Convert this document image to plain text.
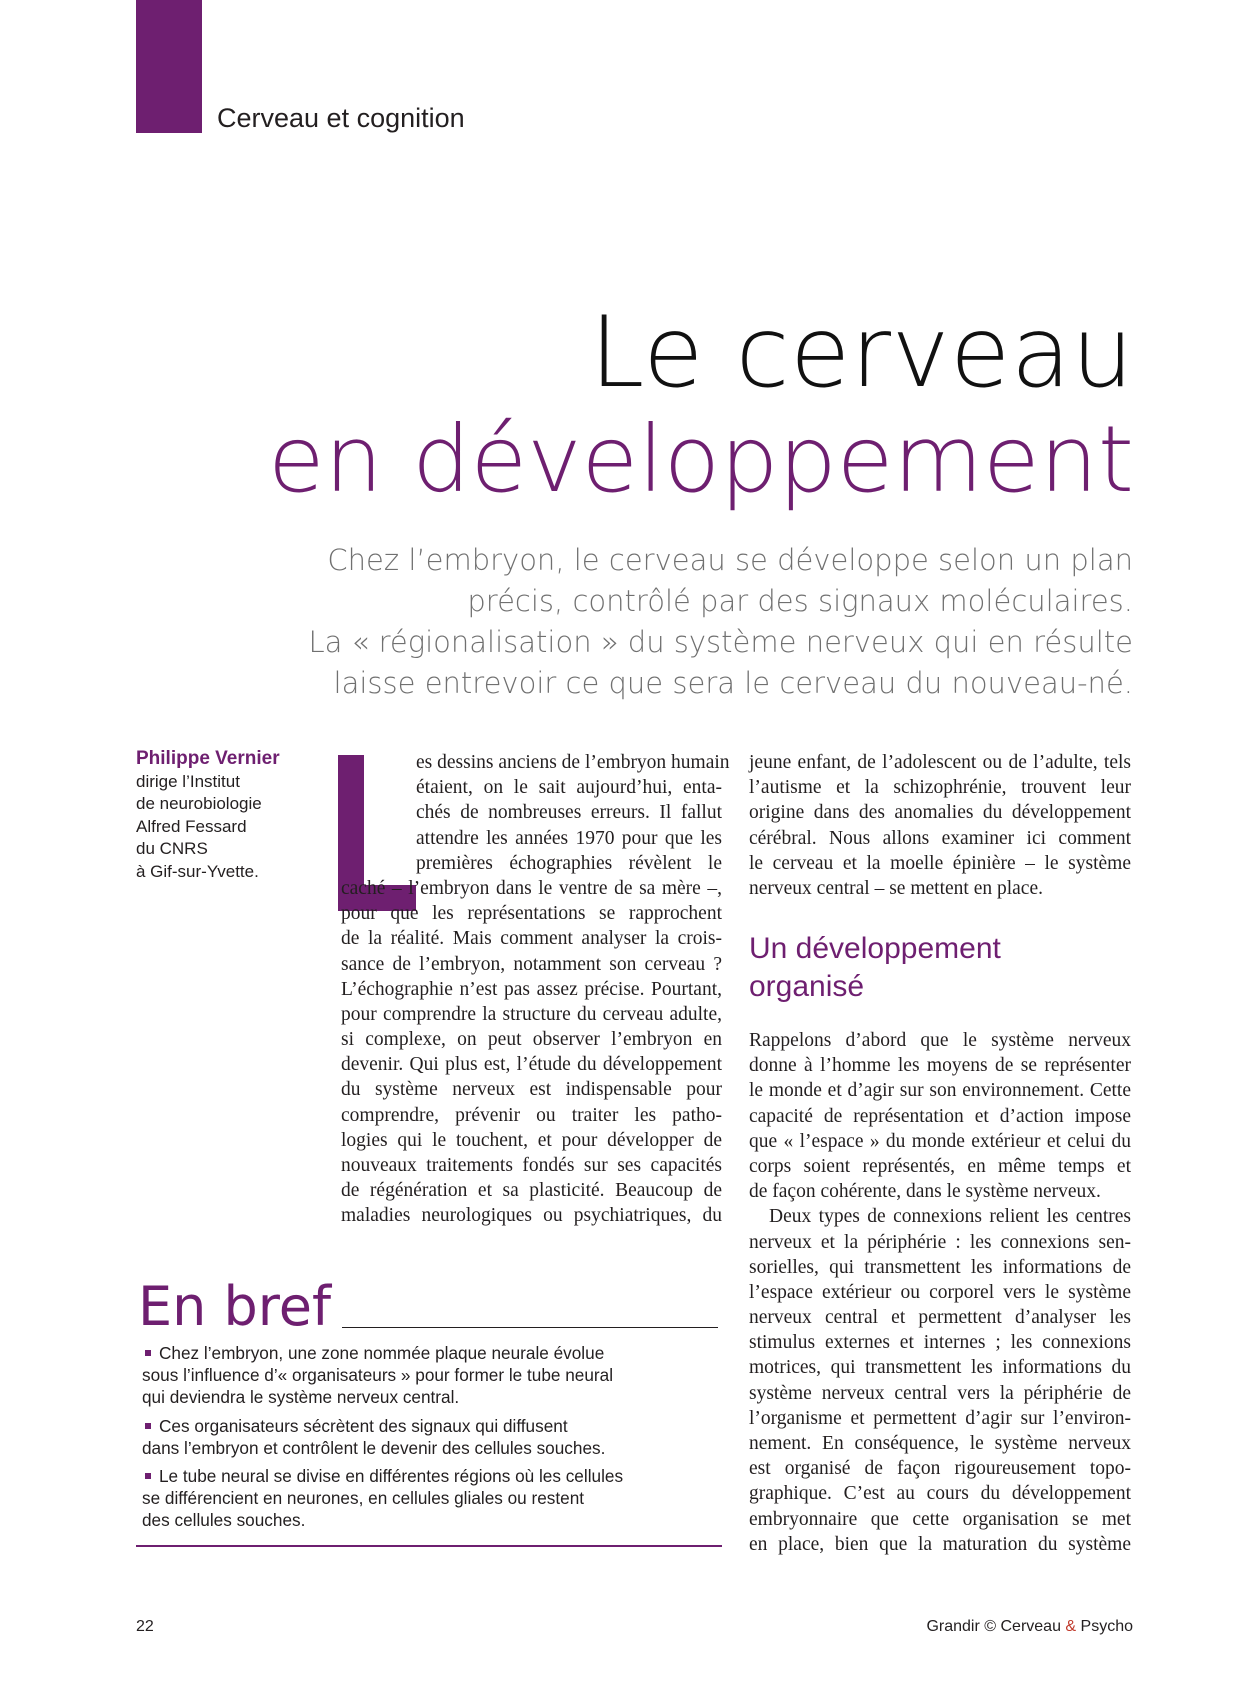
Cerveau et cognition
Le cerveau
en développement
Chez l’embryon, le cerveau se développe selon un plan
précis, contrôlé par des signaux moléculaires.
La « régionalisation » du système nerveux qui en résulte
laisse entrevoir ce que sera le cerveau du nouveau-né.
Philippe Vernier
dirige l’Institut
de neurobiologie
Alfred Fessard
du CNRS
à Gif-sur-Yvette.
es dessins anciens de l’embryon humain
étaient, on le sait aujourd’hui, enta-
chés de nombreuses erreurs. Il fallut
attendre les années 1970 pour que les
premières échographies révèlent le
caché – l’embryon dans le ventre de sa mère –,
pour que les représentations se rapprochent
de la réalité. Mais comment analyser la crois-
sance de l’embryon, notamment son cerveau ?
L’échographie n’est pas assez précise. Pourtant,
pour comprendre la structure du cerveau adulte,
si complexe, on peut observer l’embryon en
devenir. Qui plus est, l’étude du développement
du système nerveux est indispensable pour
comprendre, prévenir ou traiter les patho-
logies qui le touchent, et pour développer de
nouveaux traitements fondés sur ses capacités
de régénération et sa plasticité. Beaucoup de
maladies neurologiques ou psychiatriques, du
jeune enfant, de l’adolescent ou de l’adulte, tels
l’autisme et la schizophrénie, trouvent leur
origine dans des anomalies du développement
cérébral. Nous allons examiner ici comment
le cerveau et la moelle épinière – le système
nerveux central – se mettent en place.
Un développement
organisé
Rappelons d’abord que le système nerveux
donne à l’homme les moyens de se représenter
le monde et d’agir sur son environnement. Cette
capacité de représentation et d’action impose
que « l’espace » du monde extérieur et celui du
corps soient représentés, en même temps et
de façon cohérente, dans le système nerveux.
Deux types de connexions relient les centres
nerveux et la périphérie : les connexions sen-
sorielles, qui transmettent les informations de
l’espace extérieur ou corporel vers le système
nerveux central et permettent d’analyser les
stimulus externes et internes ; les connexions
motrices, qui transmettent les informations du
système nerveux central vers la périphérie de
l’organisme et permettent d’agir sur l’environ-
nement. En conséquence, le système nerveux
est organisé de façon rigoureusement topo-
graphique. C’est au cours du développement
embryonnaire que cette organisation se met
en place, bien que la maturation du système
En bref
Chez l’embryon, une zone nommée plaque neurale évolue
sous l’influence d’« organisateurs » pour former le tube neural
qui deviendra le système nerveux central.
Ces organisateurs sécrètent des signaux qui diffusent
dans l’embryon et contrôlent le devenir des cellules souches.
Le tube neural se divise en différentes régions où les cellules
se différencient en neurones, en cellules gliales ou restent
des cellules souches.
22	Grandir © Cerveau & Psycho
